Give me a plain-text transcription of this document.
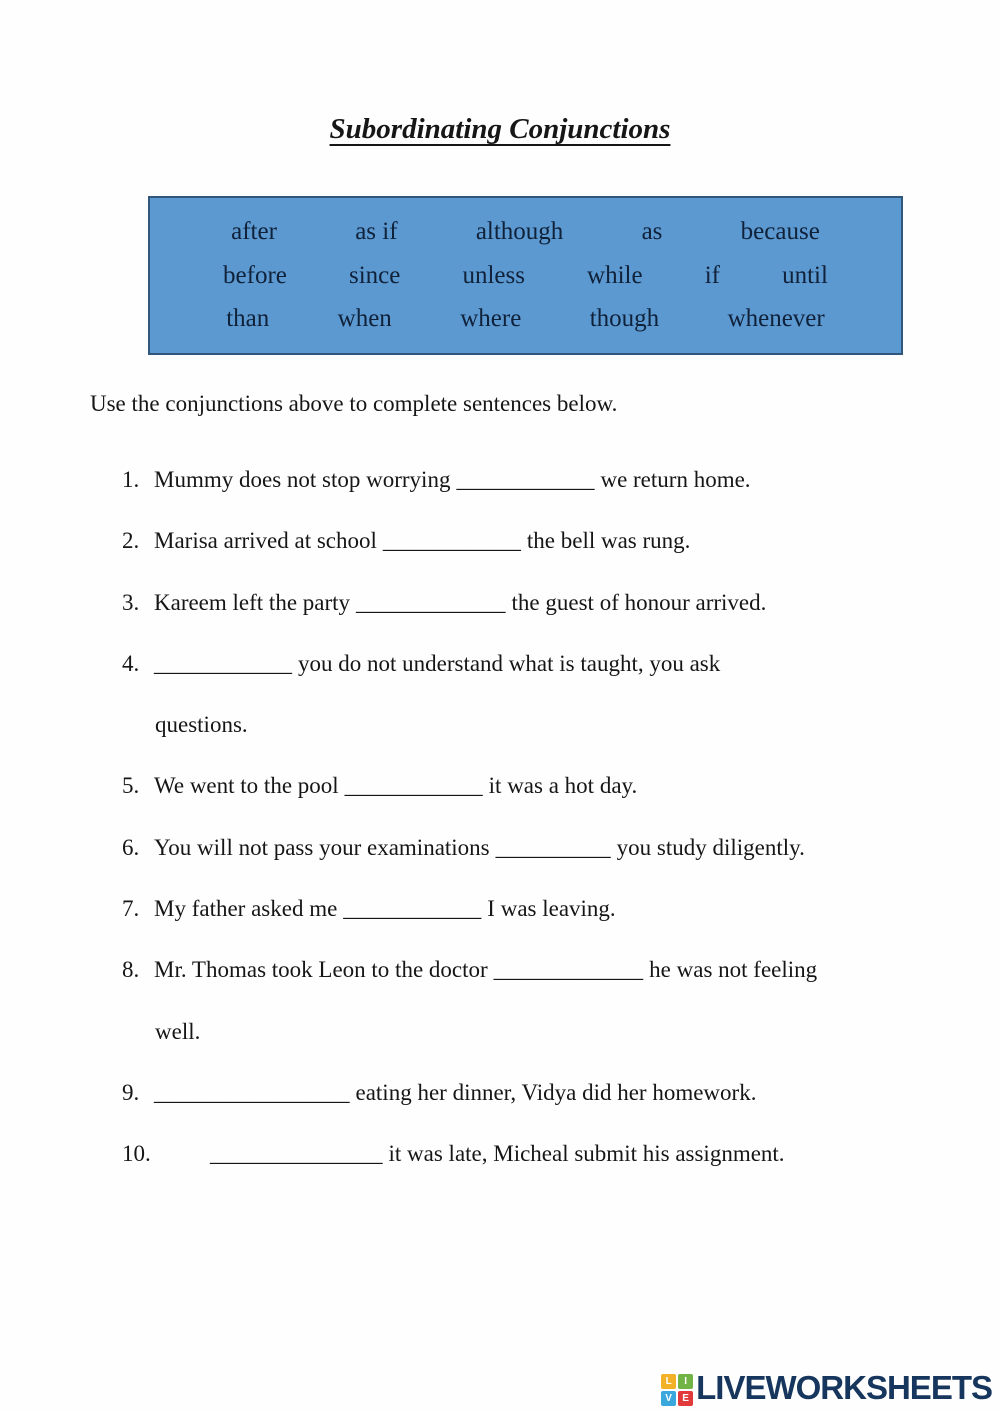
Subordinating Conjunctions
after	as if	although	as	because
before since unless while if until
than	when	where	though	whenever
Use the conjunctions above to complete sentences below.
1. Mummy does not stop worrying ____________ we return home.
2. Marisa arrived at school ____________ the bell was rung.
3. Kareem left the party _____________ the guest of honour arrived.
4. ____________ you do not understand what is taught, you ask
questions.
5. We went to the pool ____________ it was a hot day.
6. You will not pass your examinations __________ you study diligently.
7. My father asked me ____________ I was leaving.
8. Mr. Thomas took Leon to the doctor _____________ he was not feeling
well.
9. _________________ eating her dinner, Vidya did her homework.
10.	_______________ it was late, Micheal submit his assignment.
L	I
V	E LIVEWORKSHEETS
